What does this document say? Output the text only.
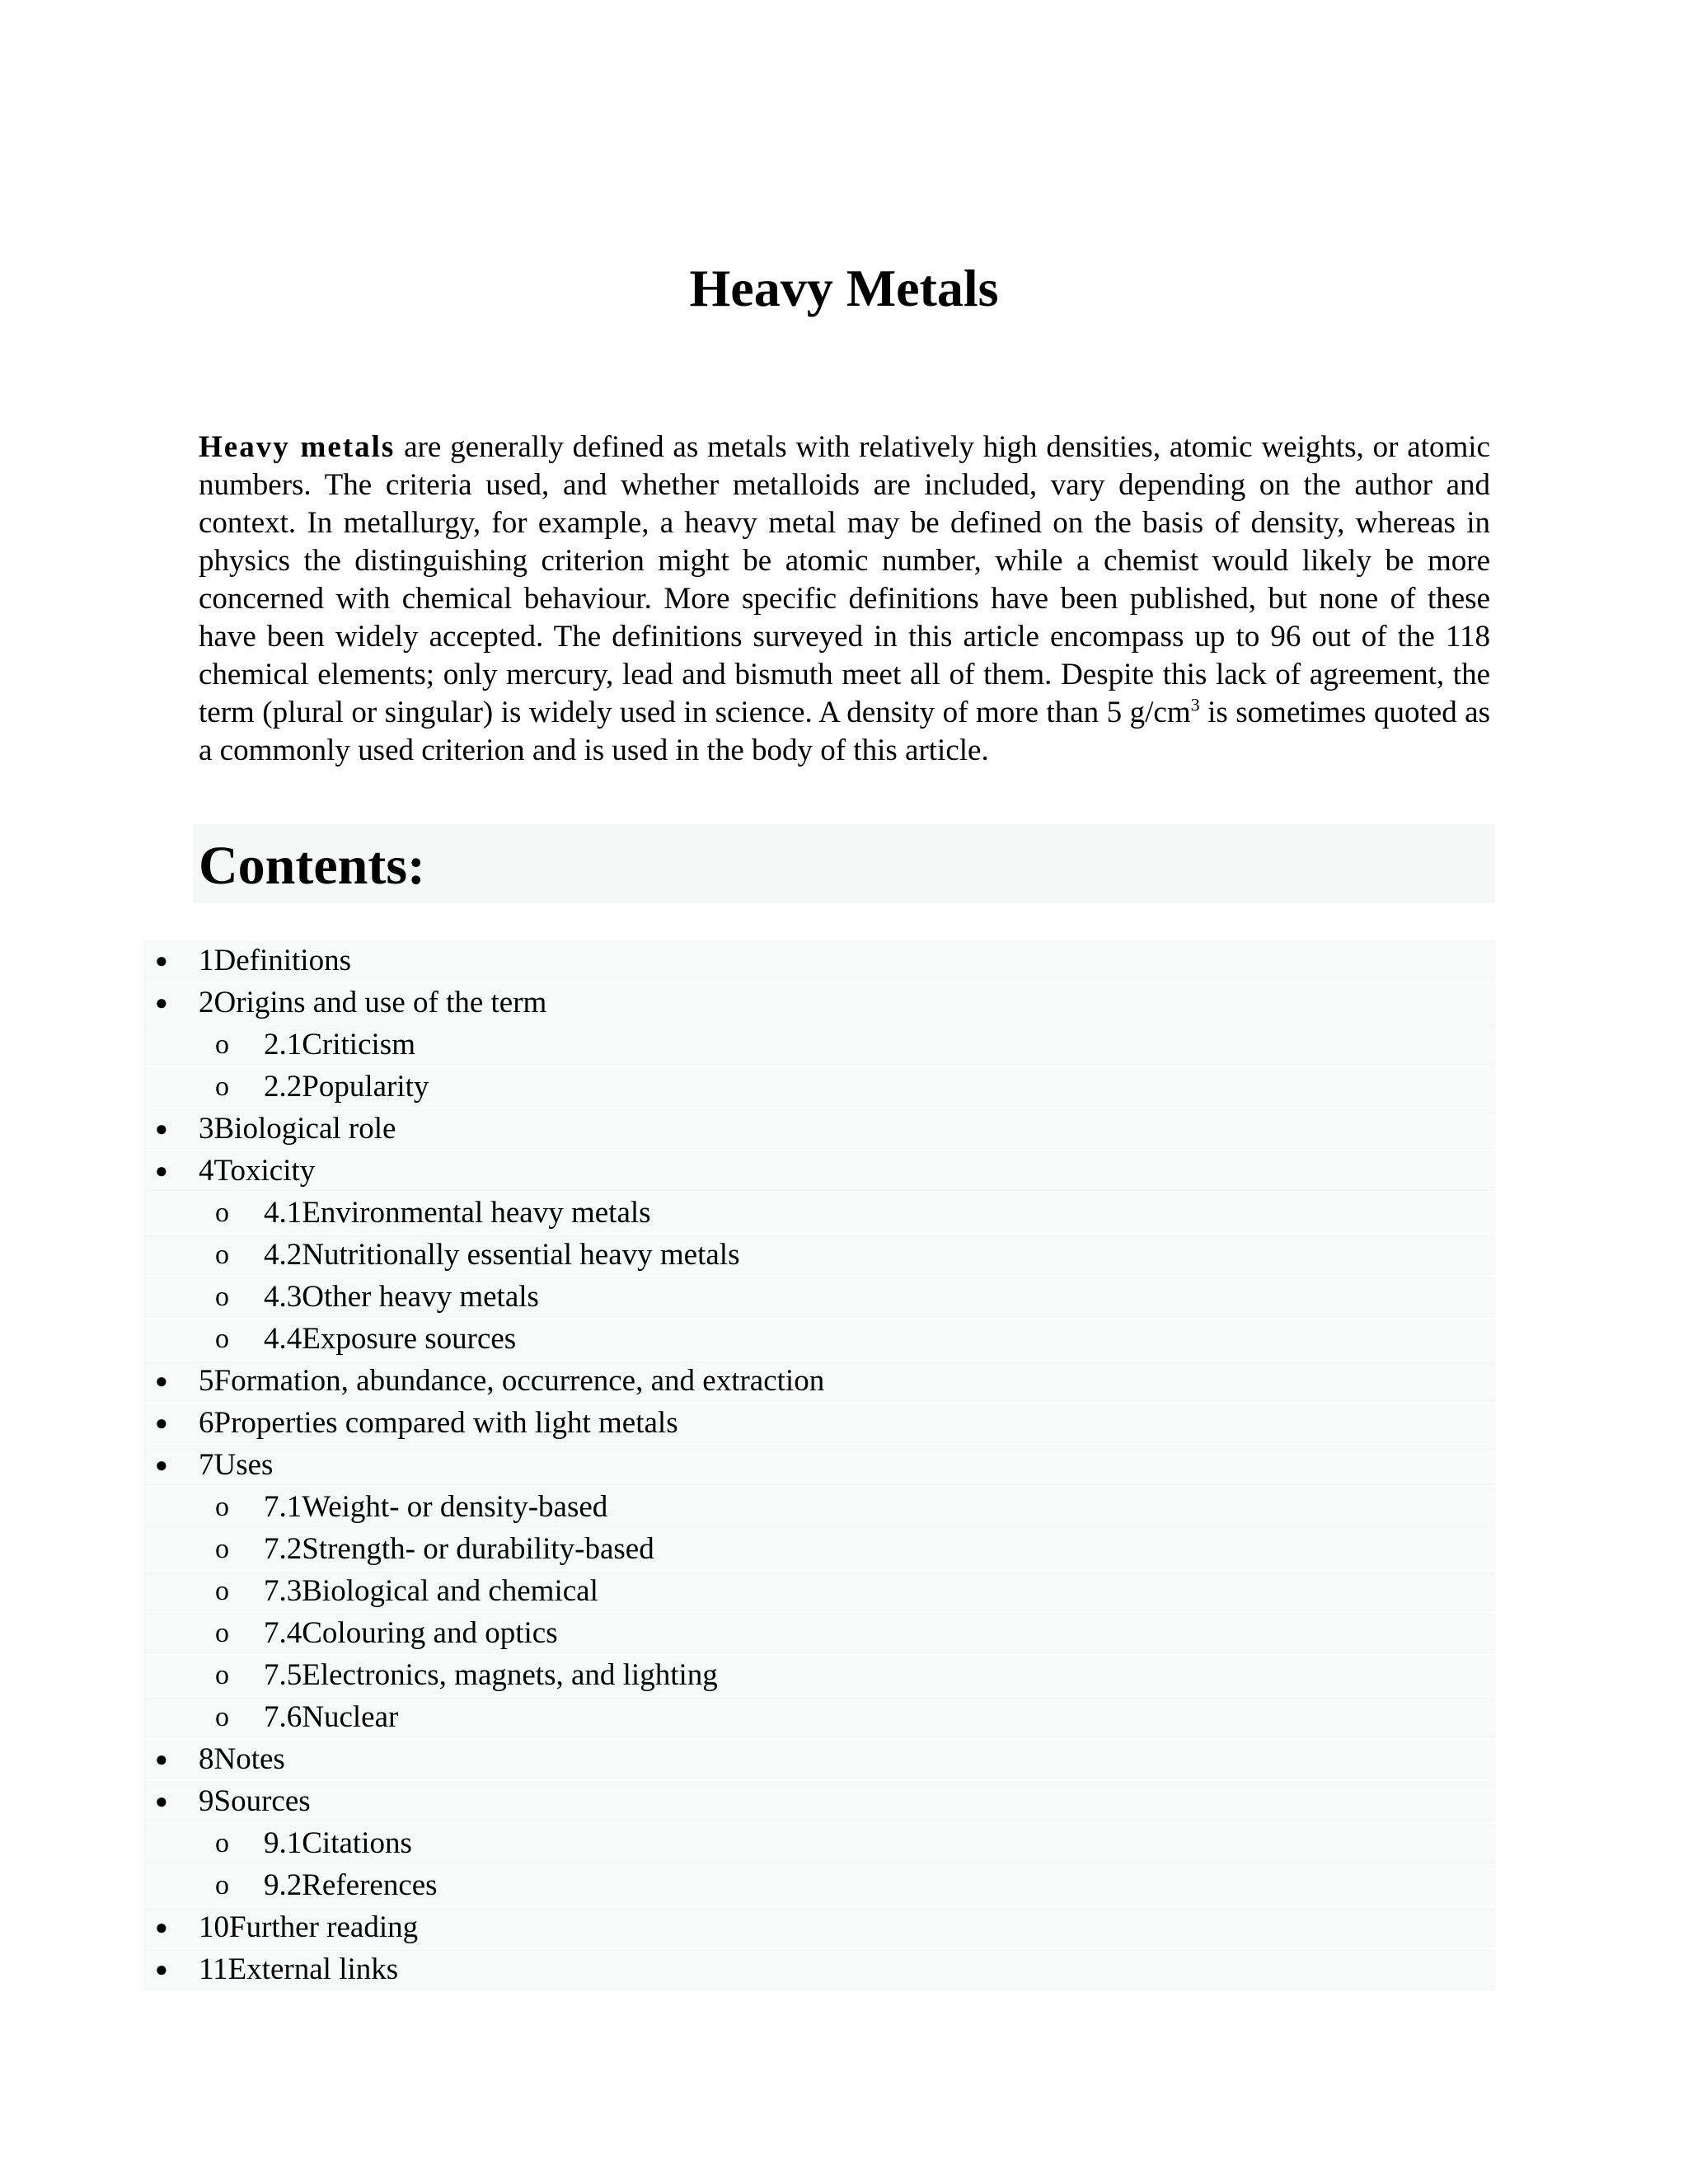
Heavy Metals

Heavy metals are generally defined as metals with relatively high densities, atomic weights, or atomic numbers. The criteria used, and whether metalloids are included, vary depending on the author and context. In metallurgy, for example, a heavy metal may be defined on the basis of density, whereas in physics the distinguishing criterion might be atomic number, while a chemist would likely be more concerned with chemical behaviour. More specific definitions have been published, but none of these have been widely accepted. The definitions surveyed in this article encompass up to 96 out of the 118 chemical elements; only mercury, lead and bismuth meet all of them. Despite this lack of agreement, the term (plural or singular) is widely used in science. A density of more than 5 $g/cm^3$ is sometimes quoted as a commonly used criterion and is used in the body of this article.

Contents:
● 1Definitions
● 2Origins and use of the term
o 2.1Criticism
o 2.2Popularity
● 3Biological role
● 4Toxicity
o 4.1Environmental heavy metals
o 4.2Nutritionally essential heavy metals
o 4.3Other heavy metals
o 4.4Exposure sources
● 5Formation, abundance, occurrence, and extraction
● 6Properties compared with light metals
● 7Uses
o 7.1Weight- or density-based
o 7.2Strength- or durability-based
o 7.3Biological and chemical
o 7.4Colouring and optics
o 7.5Electronics, magnets, and lighting
o 7.6Nuclear
● 8Notes
● 9Sources
o 9.1Citations
o 9.2References
● 10Further reading
● 11External links
